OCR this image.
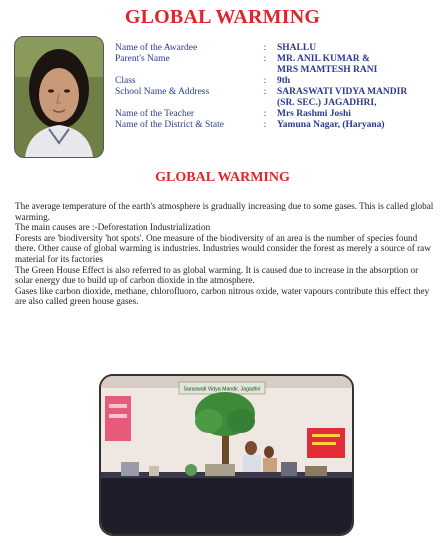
GLOBAL WARMING
Name of the Awardee	:	SHALLU
Parent's Name	:	MR. ANIL KUMAR &
MRS MAMTESH RANI
Class	:	9th
School Name & Address	:	SARASWATI VIDYA MANDIR
(SR. SEC.) JAGADHRI,
Name of the Teacher	:	Mrs Rashmi Joshi
Name of the District & State	:	Yamuna Nagar, (Haryana)
GLOBAL WARMING

The average temperature of the earth's atmosphere is gradually increasing due to some gases. This is called global warming.

The main causes are :-Deforestation Industrialization

Forests are 'biodiversity 'hot spots'. One measure of the biodiversity of an area is the number of species found there. Other cause of global warming is industries. Industries would consider the forest as merely a source of raw material for its factories

The Green House Effect is also referred to as global warming. It is caused due to increase in the absorption or solar energy due to build up of carbon dioxide in the atmosphere.

Gases like carbon dioxide, methane, chlorofluoro, carbon nitrous oxide, water vapours contribute this effect they are also called green house gases.

Saraswati Vidya Mandir, Jagadhri
